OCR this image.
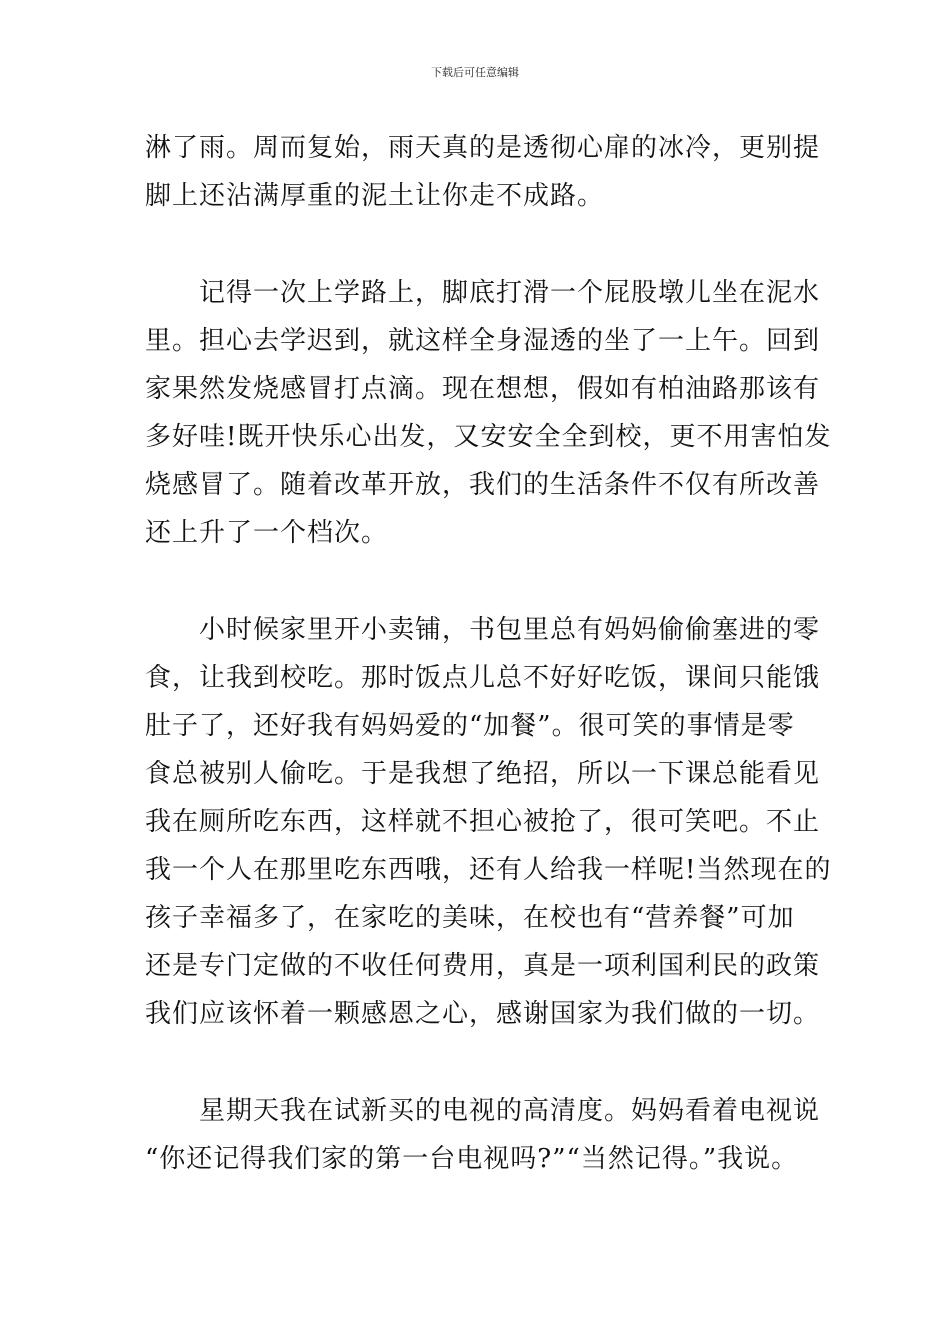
下载后可任意编辑
淋了雨。周而复始，雨天真的是透彻心扉的冰冷，更别提
脚上还沾满厚重的泥土让你走不成路。
记得一次上学路上，脚底打滑一个屁股墩儿坐在泥水
里。担心去学迟到，就这样全身湿透的坐了一上午。回到
家果然发烧感冒打点滴。现在想想，假如有柏油路那该有
多好哇!既开快乐心出发，又安安全全到校，更不用害怕发
烧感冒了。随着改革开放，我们的生活条件不仅有所改善
还上升了一个档次。
小时候家里开小卖铺，书包里总有妈妈偷偷塞进的零
食，让我到校吃。那时饭点儿总不好好吃饭，课间只能饿
肚子了，还好我有妈妈爱的“加餐”。很可笑的事情是零
食总被别人偷吃。于是我想了绝招，所以一下课总能看见
我在厕所吃东西，这样就不担心被抢了，很可笑吧。不止
我一个人在那里吃东西哦，还有人给我一样呢!当然现在的
孩子幸福多了，在家吃的美味，在校也有“营养餐”可加
还是专门定做的不收任何费用，真是一项利国利民的政策
我们应该怀着一颗感恩之心，感谢国家为我们做的一切。
星期天我在试新买的电视的高清度。妈妈看着电视说
“你还记得我们家的第一台电视吗?”“当然记得。”我说。
